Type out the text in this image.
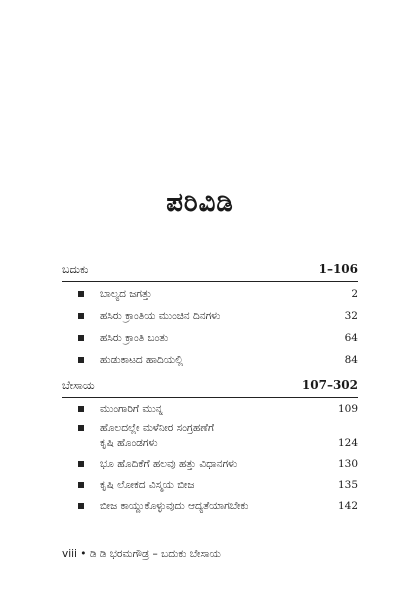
ಪರಿವಿಡಿ
ಬದುಕು	1–106
ಬಾಲ್ಯದ ಜಗತ್ತು	2
ಹಸಿರು ಕ್ರಾಂತಿಯ ಮುಂಚಿನ ದಿನಗಳು	32
ಹಸಿರು ಕ್ರಾಂತಿ ಬಂತು	64
ಹುಡುಕಾಟದ ಹಾದಿಯಲ್ಲಿ	84
ಬೇಸಾಯ	107–302
ಮುಂಗಾರಿಗೆ ಮುನ್ನ	109
ಹೊಲದಲ್ಲೇ ಮಳೆನೀರ ಸಂಗ್ರಹಣೆಗೆ
ಕೃಷಿ ಹೊಂಡಗಳು	124
ಭೂ ಹೊದಿಕೆಗೆ ಹಲವು ಹತ್ತು ವಿಧಾನಗಳು	130
ಕೃಷಿ ಲೋಕದ ವಿಸ್ಮಯ ಬೀಜ	135
ಬೀಜ ಕಾಯ್ದುಕೊಳ್ಳುವುದು ಆದ್ಯತೆಯಾಗಬೇಕು	142
viii • ಡಿ ಡಿ ಭರಮಗೌಡ್ರ – ಬದುಕು ಬೇಸಾಯ
